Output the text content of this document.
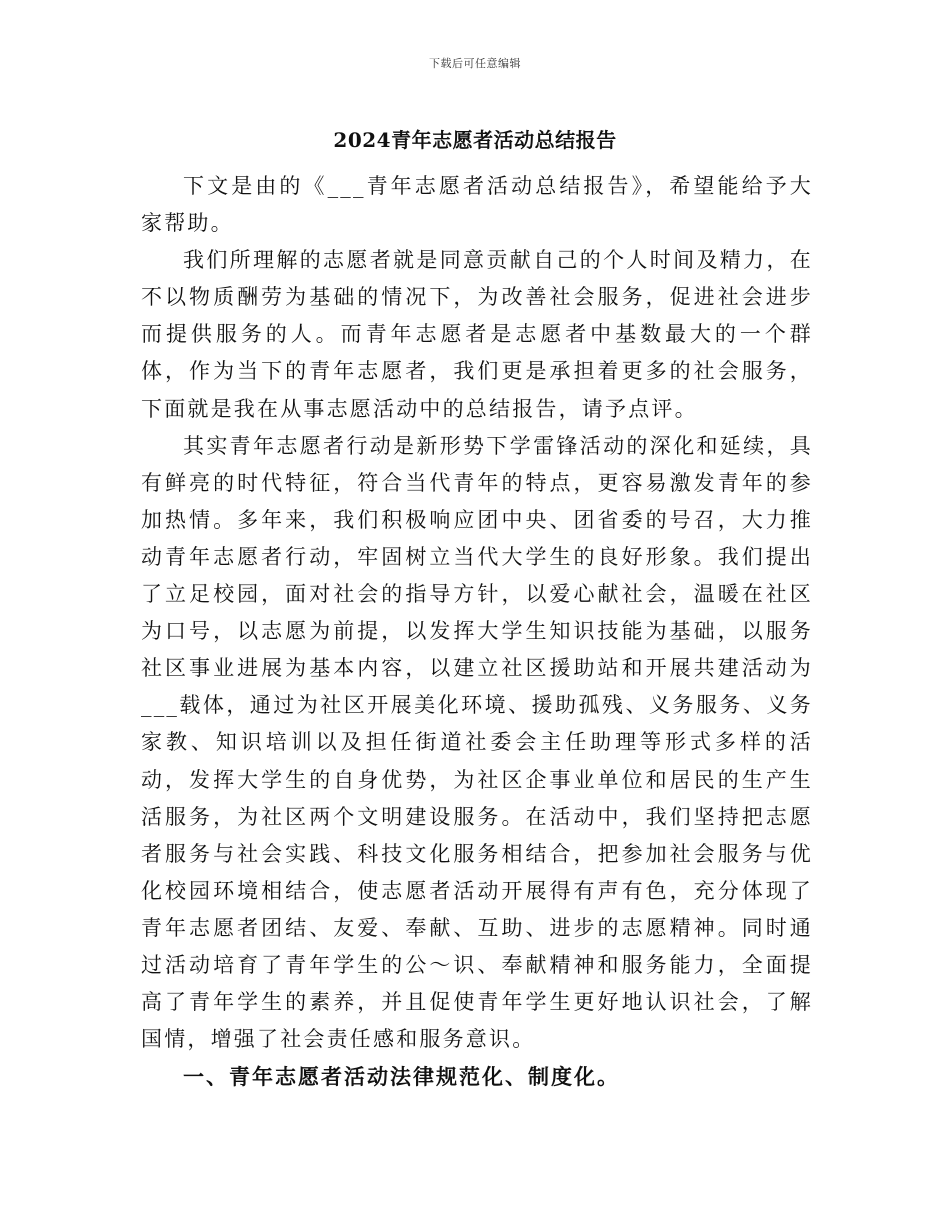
下载后可任意编辑
2024青年志愿者活动总结报告

下文是由的《___青年志愿者活动总结报告》，希望能给予大家帮助。

我们所理解的志愿者就是同意贡献自己的个人时间及精力，在不以物质酬劳为基础的情况下，为改善社会服务，促进社会进步而提供服务的人。而青年志愿者是志愿者中基数最大的一个群体，作为当下的青年志愿者，我们更是承担着更多的社会服务，下面就是我在从事志愿活动中的总结报告，请予点评。

其实青年志愿者行动是新形势下学雷锋活动的深化和延续，具有鲜亮的时代特征，符合当代青年的特点，更容易激发青年的参加热情。多年来，我们积极响应团中央、团省委的号召，大力推动青年志愿者行动，牢固树立当代大学生的良好形象。我们提出了立足校园，面对社会的指导方针，以爱心献社会，温暖在社区为口号，以志愿为前提，以发挥大学生知识技能为基础，以服务社区事业进展为基本内容，以建立社区援助站和开展共建活动为___载体，通过为社区开展美化环境、援助孤残、义务服务、义务家教、知识培训以及担任街道社委会主任助理等形式多样的活动，发挥大学生的自身优势，为社区企事业单位和居民的生产生活服务，为社区两个文明建设服务。在活动中，我们坚持把志愿者服务与社会实践、科技文化服务相结合，把参加社会服务与优化校园环境相结合，使志愿者活动开展得有声有色，充分体现了青年志愿者团结、友爱、奉献、互助、进步的志愿精神。同时通过活动培育了青年学生的公～识、奉献精神和服务能力，全面提高了青年学生的素养，并且促使青年学生更好地认识社会，了解国情，增强了社会责任感和服务意识。

一、青年志愿者活动法律规范化、制度化。
